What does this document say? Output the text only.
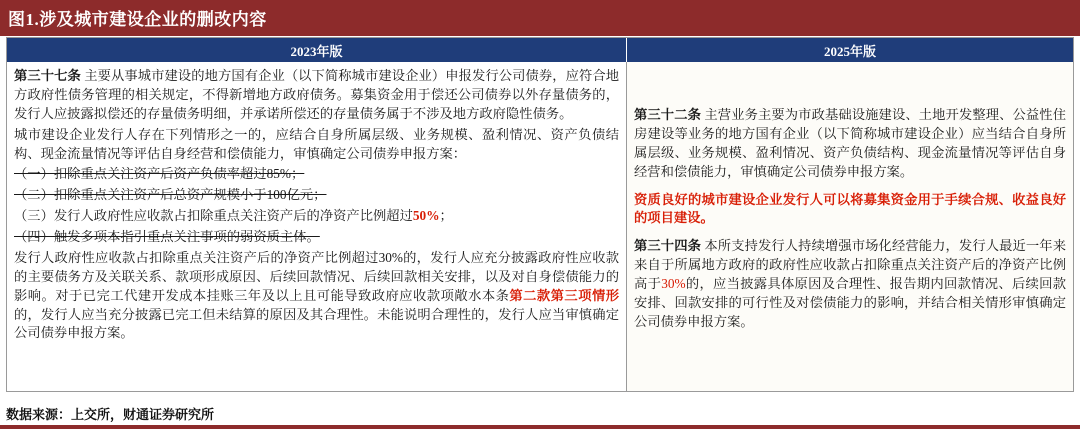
图1.涉及城市建设企业的删改内容
2023年版	2025年版
第三十七条 主要从事城市建设的地方国有企业（以下简称城市建设企业）申报发行公司债券，应符合地方政府性债务管理的相关规定，不得新增地方政府债务。募集资金用于偿还公司债券以外存量债务的，发行人应披露拟偿还的存量债务明细，并承诺所偿还的存量债务属于不涉及地方政府隐性债务。
城市建设企业发行人存在下列情形之一的，应结合自身所属层级、业务规模、盈利情况、资产负债结构、现金流量情况等评估自身经营和偿债能力，审慎确定公司债券申报方案：
（一）扣除重点关注资产后资产负债率超过85%；
（二）扣除重点关注资产后总资产规模小于100亿元；
（三）发行人政府性应收款占扣除重点关注资产后的净资产比例超过50%；
（四）触发多项本指引重点关注事项的弱资质主体。
发行人政府性应收款占扣除重点关注资产后的净资产比例超过30%的，发行人应充分披露政府性应收款的主要债务方及关联关系、款项形成原因、后续回款情况、后续回款相关安排，以及对自身偿债能力的影响。对于已完工代建开发成本挂账三年及以上且可能导致政府应收款项敞水本条第二款第三项情形的，发行人应当充分披露已完工但未结算的原因及其合理性。未能说明合理性的，发行人应当审慎确定公司债券申报方案。
第三十二条 主营业务主要为市政基础设施建设、土地开发整理、公益性住房建设等业务的地方国有企业（以下简称城市建设企业）应当结合自身所属层级、业务规模、盈利情况、资产负债结构、现金流量情况等评估自身经营和偿债能力，审慎确定公司债券申报方案。
资质良好的城市建设企业发行人可以将募集资金用于手续合规、收益良好的项目建设。
第三十四条 本所支持发行人持续增强市场化经营能力，发行人最近一年来来自于所属地方政府的政府性应收款占扣除重点关注资产后的净资产比例高于30%的，应当披露具体原因及合理性、报告期内回款情况、后续回款安排、回款安排的可行性及对偿债能力的影响，并结合相关情形审慎确定公司债券申报方案。
数据来源：上交所，财通证券研究所
